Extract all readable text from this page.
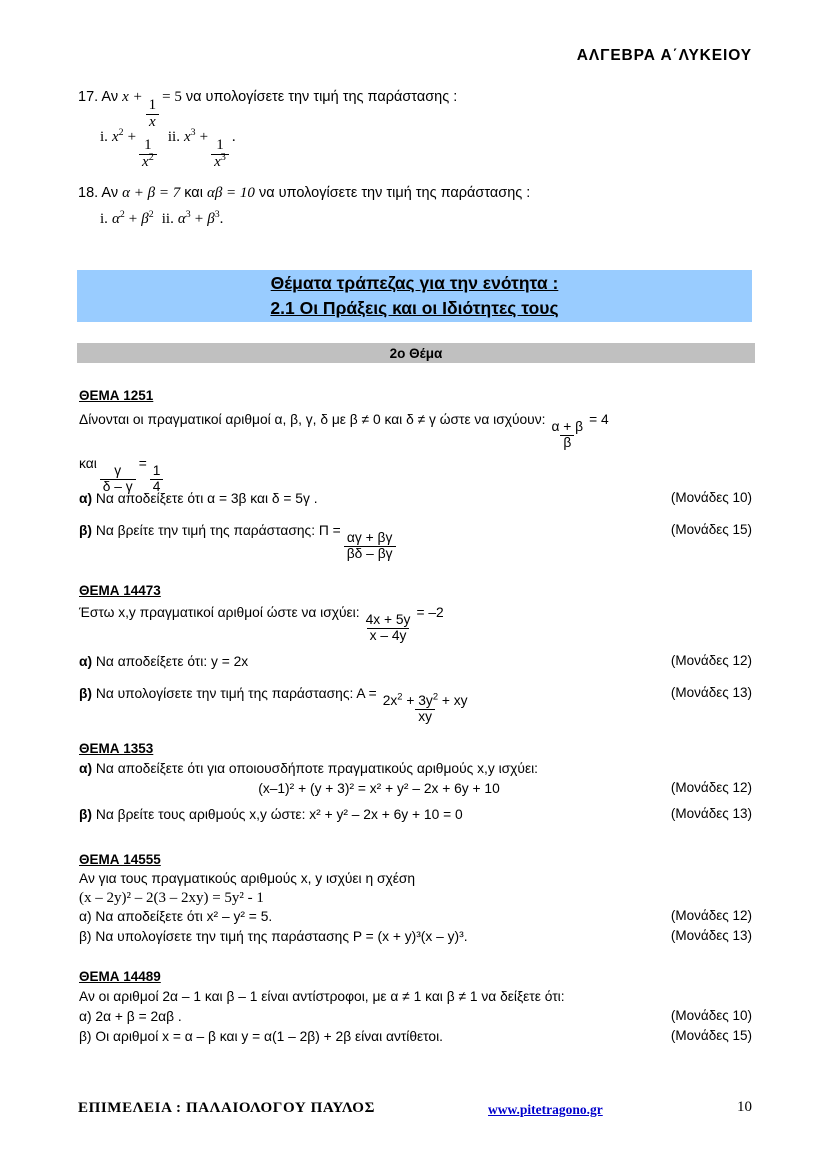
ΑΛΓΕΒΡΑ Α΄ΛΥΚΕΙΟΥ
17. Αν x +
$\frac{1}{x}$
= 5 να υπολογίσετε την τιμή της παράστασης :
i. $x^2$ +
$\frac{1}{x^2}$
ii. $x^3$ +
$\frac{1}{x^3}$
.
18. Αν α + β = 7 και αβ = 10 να υπολογίσετε την τιμή της παράστασης :
i. $\alpha^2 + \beta^2$ ii. $\alpha^3 + \beta^3$.
Θέματα τράπεζας για την ενότητα :
2.1 Οι Πράξεις και οι Ιδιότητες τους
2ο Θέμα
ΘΕΜΑ 1251
Δίνονται οι πραγματικοί αριθμοί α, β, γ, δ με β ≠ 0 και δ ≠ γ ώστε να ισχύουν:
$\frac{\alpha + \beta}{\beta}$
= 4
και
$\frac{\gamma}{\delta - \gamma}$
=
$\frac{1}{4}$
α) Να αποδείξετε ότι α = 3β και δ = 5γ .	(Μονάδες 10)
β) Να βρείτε την τιμή της παράστασης: Π =
$\frac{\alpha\gamma + \beta\gamma}{\beta\delta - \beta\gamma}$
(Μονάδες 15)
ΘΕΜΑ 14473
Έστω x,y πραγματικοί αριθμοί ώστε να ισχύει:
$\frac{4x + 5y}{x - 4y}$
= –2
α) Να αποδείξετε ότι: y = 2x	(Μονάδες 12)
β) Να υπολογίσετε την τιμή της παράστασης: Α =
$\frac{2x^2 + 3y^2 + xy}{xy}$
(Μονάδες 13)
ΘΕΜΑ 1353
α) Να αποδείξετε ότι για οποιουσδήποτε πραγματικούς αριθμούς x,y ισχύει:
(x–1)² + (y + 3)² = x² + y² – 2x + 6y + 10	(Μονάδες 12)
β) Να βρείτε τους αριθμούς x,y ώστε: x² + y² – 2x + 6y + 10 = 0	(Μονάδες 13)
ΘΕΜΑ 14555
Αν για τους πραγματικούς αριθμούς x, y ισχύει η σχέση
(x – 2y)² – 2(3 – 2xy) = 5y² - 1
α) Να αποδείξετε ότι x² – y² = 5.	(Μονάδες 12)
β) Να υπολογίσετε την τιμή της παράστασης P = (x + y)³(x – y)³.	(Μονάδες 13)
ΘΕΜΑ 14489
Αν οι αριθμοί 2α – 1 και β – 1 είναι αντίστροφοι, με α ≠ 1 και β ≠ 1 να δείξετε ότι:
α) 2α + β = 2αβ .	(Μονάδες 10)
β) Οι αριθμοί x = α – β και y = α(1 – 2β) + 2β είναι αντίθετοι.	(Μονάδες 15)
ΕΠΙΜΕΛΕΙΑ : ΠΑΛΑΙΟΛΟΓΟΥ ΠΑΥΛΟΣ	www.pitetragono.gr	10
